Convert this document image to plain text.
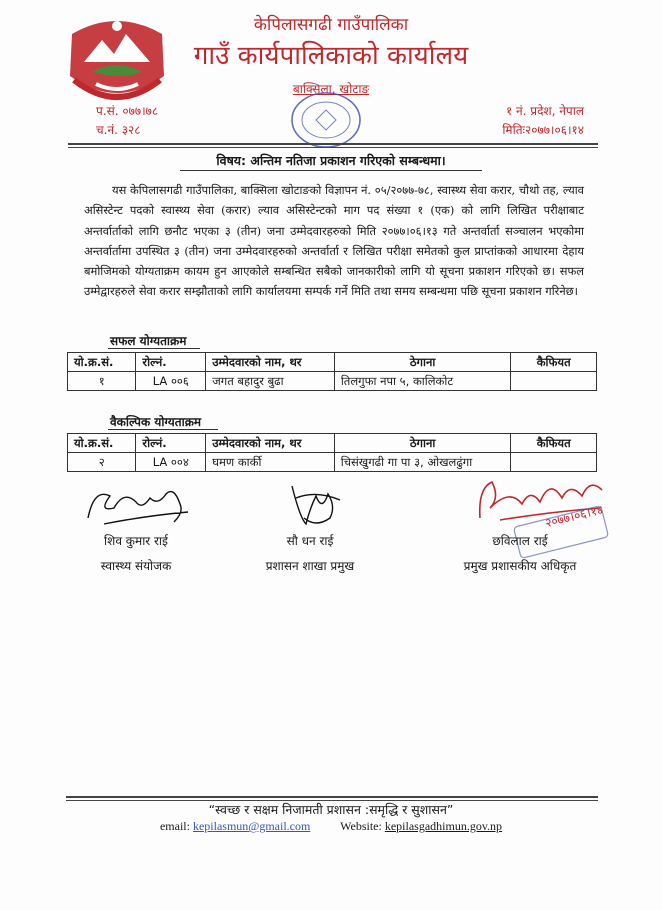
केपिलासगढी गाउँपालिका
गाउँ कार्यपालिकाको कार्यालय
बाक्सिला, खोटाङ
प.सं. ०७७।७८
च.नं. ३२८
१ नं. प्रदेश, नेपाल
मितिः२०७७।०६।१४
विषय: अन्तिम नतिजा प्रकाशन गरिएको सम्बन्धमा।
यस केपिलासगढी गाउँपालिका, बाक्सिला खोटाङको विज्ञापन नं. ०५/२०७७-७८, स्वास्थ्य सेवा करार, चौथो तह, ल्याव असिस्टेन्ट पदको स्वास्थ्य सेवा (करार) ल्याव असिस्टेन्टको माग पद संख्या १ (एक) को लागि लिखित परीक्षाबाट अन्तर्वार्ताको लागि छनौट भएका ३ (तीन) जना उम्मेदवारहरुको मिति २०७७।०६।१३ गते अन्तर्वार्ता सञ्चालन भएकोमा अन्तर्वार्तामा उपस्थित ३ (तीन) जना उम्मेदवारहरुको अन्तर्वार्ता र लिखित परीक्षा समेतको कुल प्राप्तांकको आधारमा देहाय बमोजिमको योग्यताक्रम कायम हुन आएकोले सम्बन्धित सबैको जानकारीको लागि यो सूचना प्रकाशन गरिएको छ। सफल उम्मेद्वारहरुले सेवा करार सम्झौताको लागि कार्यालयमा सम्पर्क गर्ने मिति तथा समय सम्बन्धमा पछि सूचना प्रकाशन गरिनेछ।
सफल योग्यताक्रम
यो.क्र.सं.	रोल्नं.	उम्मेदवारको नाम, थर	ठेगाना	कैफियत
१	LA ००६	जगत बहादुर बुढा	तिलगुफा नपा ५, कालिकोट	
वैकल्पिक योग्यताक्रम
यो.क्र.सं.	रोल्नं.	उम्मेदवारको नाम, थर	ठेगाना	कैफियत
२	LA ००४	घमण कार्की	चिसंखुगढी गा पा ३, ओखलढुंगा	
२०७७।०६।१४
शिव कुमार राई
स्वास्थ्य संयोजक
सौ धन राई
प्रशासन शाखा प्रमुख
छविलाल राई
प्रमुख प्रशासकीय अधिकृत
“स्वच्छ र सक्षम निजामती प्रशासन :समृद्धि र सुशासन”
email: kepilasmun@gmail.com Website: kepilasgadhimun.gov.np
